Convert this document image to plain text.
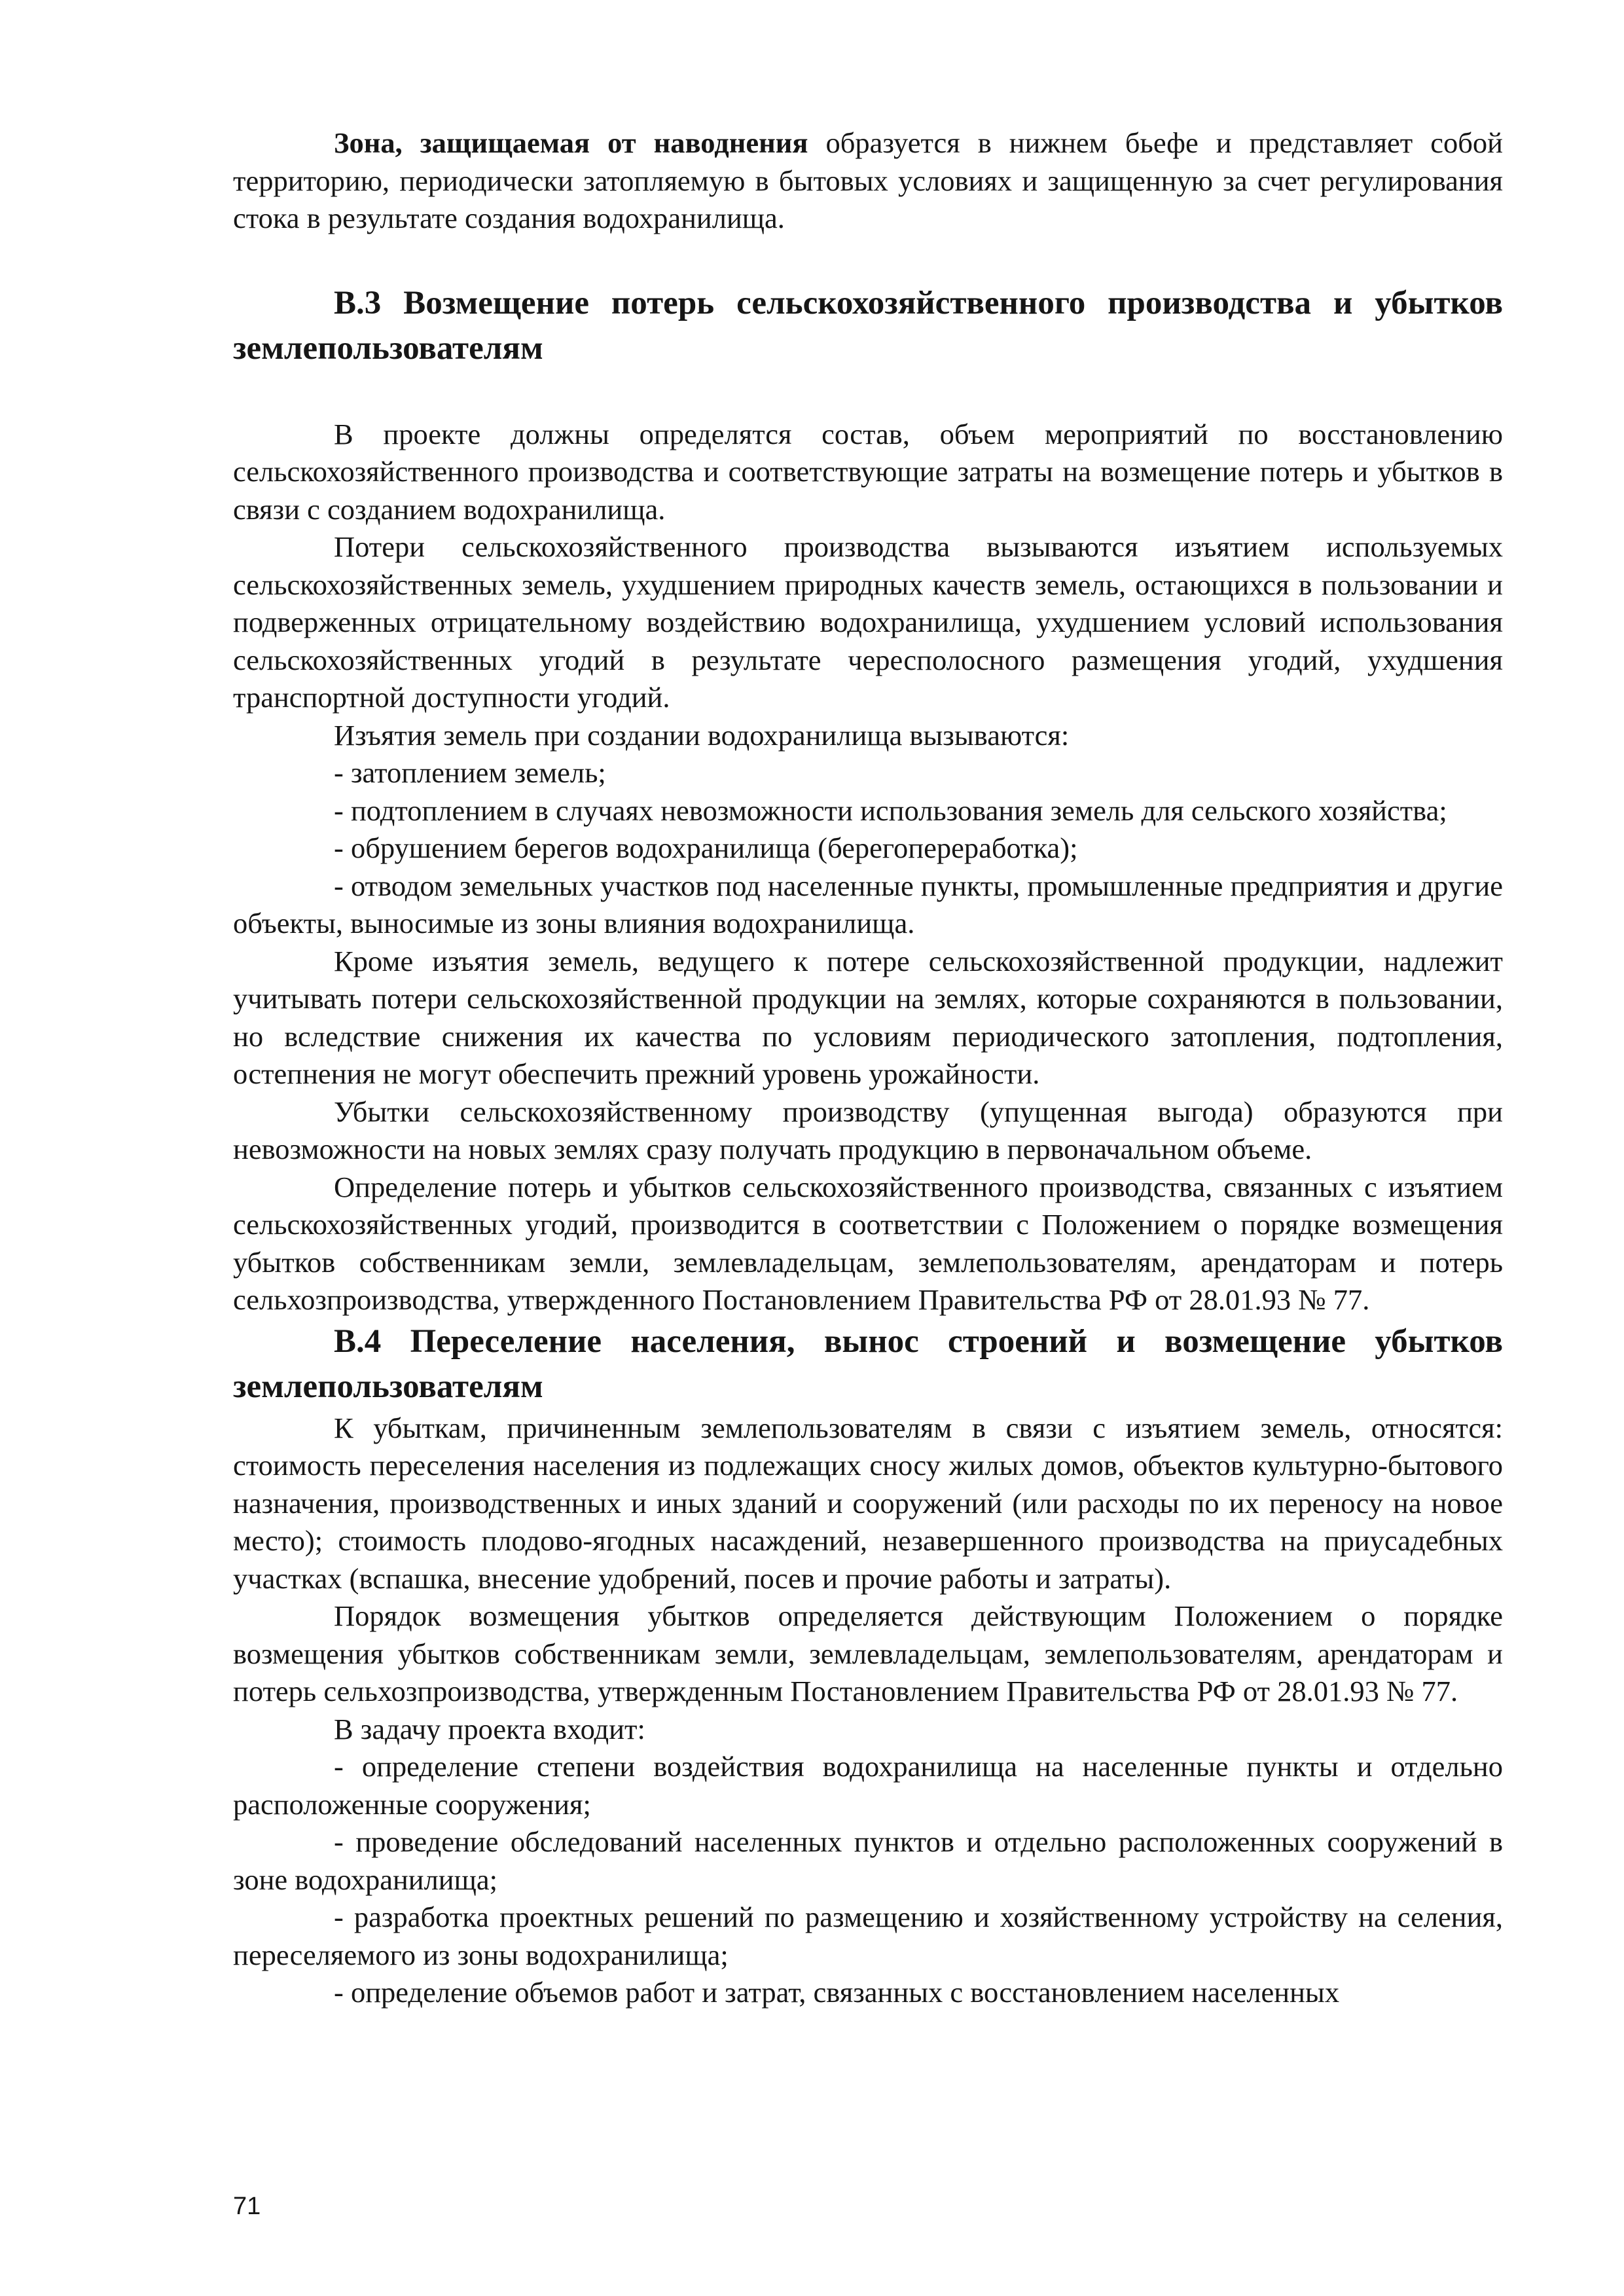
Зона, защищаемая от наводнения образуется в нижнем бьефе и представляет собой территорию, периодически затопляемую в бытовых условиях и защищенную за счет регулирования стока в результате создания водохранилища.

В.3 Возмещение потерь сельскохозяйственного производства и убытков землепользователям

В проекте должны определятся состав, объем мероприятий по восстановлению сельскохозяйственного производства и соответствующие затраты на возмещение потерь и убытков в связи с созданием водохранилища.

Потери сельскохозяйственного производства вызываются изъятием используемых сельскохозяйственных земель, ухудшением природных качеств земель, остающихся в пользовании и подверженных отрицательному воздействию водохранилища, ухудшением условий использования сельскохозяйственных угодий в результате чересполосного размещения угодий, ухудшения транспортной доступности угодий.

Изъятия земель при создании водохранилища вызываются:

- затоплением земель;

- подтоплением в случаях невозможности использования земель для сельского хозяйства;

- обрушением берегов водохранилища (берегопереработка);

- отводом земельных участков под населенные пункты, промышленные предприятия и другие объекты, выносимые из зоны влияния водохранилища.

Кроме изъятия земель, ведущего к потере сельскохозяйственной продукции, надлежит учитывать потери сельскохозяйственной продукции на землях, которые сохраняются в пользовании, но вследствие снижения их качества по условиям периодического затопления, подтопления, остепнения не могут обеспечить прежний уровень урожайности.

Убытки сельскохозяйственному производству (упущенная выгода) образуются при невозможности на новых землях сразу получать продукцию в первоначальном объеме.

Определение потерь и убытков сельскохозяйственного производства, связанных с изъятием сельскохозяйственных угодий, производится в соответствии с Положением о порядке возмещения убытков собственникам земли, землевладельцам, землепользователям, арендаторам и потерь сельхозпроизводства, утвержденного Постановлением Правительства РФ от 28.01.93 № 77.

В.4 Переселение населения, вынос строений и возмещение убытков землепользователям

К убыткам, причиненным землепользователям в связи с изъятием земель, относятся: стоимость переселения населения из подлежащих сносу жилых домов, объектов культурно-бытового назначения, производственных и иных зданий и сооружений (или расходы по их переносу на новое место); стоимость плодово-ягодных насаждений, незавершенного производства на приусадебных участках (вспашка, внесение удобрений, посев и прочие работы и затраты).

Порядок возмещения убытков определяется действующим Положением о порядке возмещения убытков собственникам земли, землевладельцам, землепользователям, арендаторам и потерь сельхозпроизводства, утвержденным Постановлением Правительства РФ от 28.01.93 № 77.

В задачу проекта входит:

- определение степени воздействия водохранилища на населенные пункты и отдельно расположенные сооружения;

- проведение обследований населенных пунктов и отдельно расположенных сооружений в зоне водохранилища;

- разработка проектных решений по размещению и хозяйственному устройству на селения, переселяемого из зоны водохранилища;

- определение объемов работ и затрат, связанных с восстановлением населенных

71
